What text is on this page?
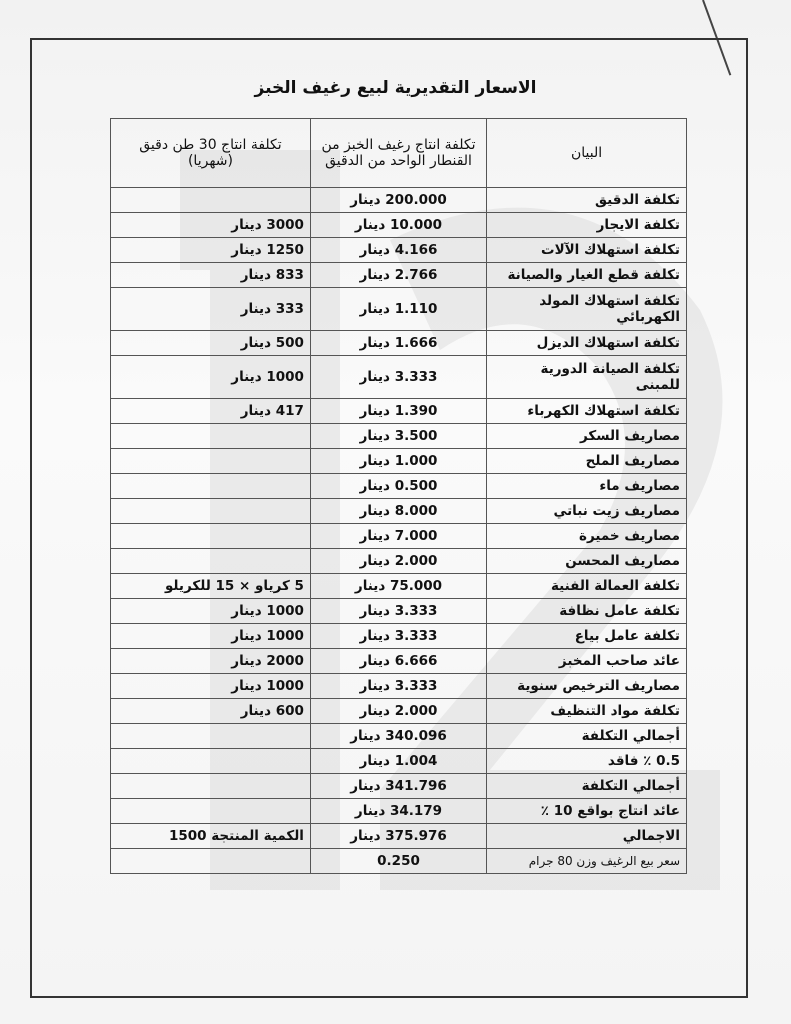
الاسعار التقديرية لبيع رغيف الخبز
البيان	تكلفة انتاج رغيف الخبز من القنطار الواحد من الدقيق	تكلفة انتاج 30 طن دقيق (شهريا)
تكلفة الدقيق	200.000 دينار	
تكلفة الايجار	10.000 دينار	3000 دينار
تكلفة استهلاك الآلات	4.166 دينار	1250 دينار
تكلفة قطع الغيار والصيانة	2.766 دينار	833 دينار
تكلفة استهلاك المولد الكهربائي	1.110 دينار	333 دينار
تكلفة استهلاك الديزل	1.666 دينار	500 دينار
تكلفة الصيانة الدورية للمبنى	3.333 دينار	1000 دينار
تكلفة استهلاك الكهرباء	1.390 دينار	417 دينار
مصاريف السكر	3.500 دينار	
مصاريف الملح	1.000 دينار	
مصاريف ماء	0.500 دينار	
مصاريف زيت نباتي	8.000 دينار	
مصاريف خميرة	7.000 دينار	
مصاريف المحسن	2.000 دينار	
تكلفة العمالة الفنية	75.000 دينار	5 كرياو × 15 للكريلو
تكلفة عامل نظافة	3.333 دينار	1000 دينار
تكلفة عامل بياع	3.333 دينار	1000 دينار
عائد صاحب المخبز	6.666 دينار	2000 دينار
مصاريف الترخيص سنوية	3.333 دينار	1000 دينار
تكلفة مواد التنظيف	2.000 دينار	600 دينار
أجمالي التكلفة	340.096 دينار	
0.5 ٪ فاقد	1.004 دينار	
أجمالي التكلفة	341.796 دينار	
عائد انتاج بواقع 10 ٪	34.179 دينار	
الاجمالي	375.976 دينار	الكمية المنتجة 1500
سعر بيع الرغيف وزن 80 جرام	0.250	
